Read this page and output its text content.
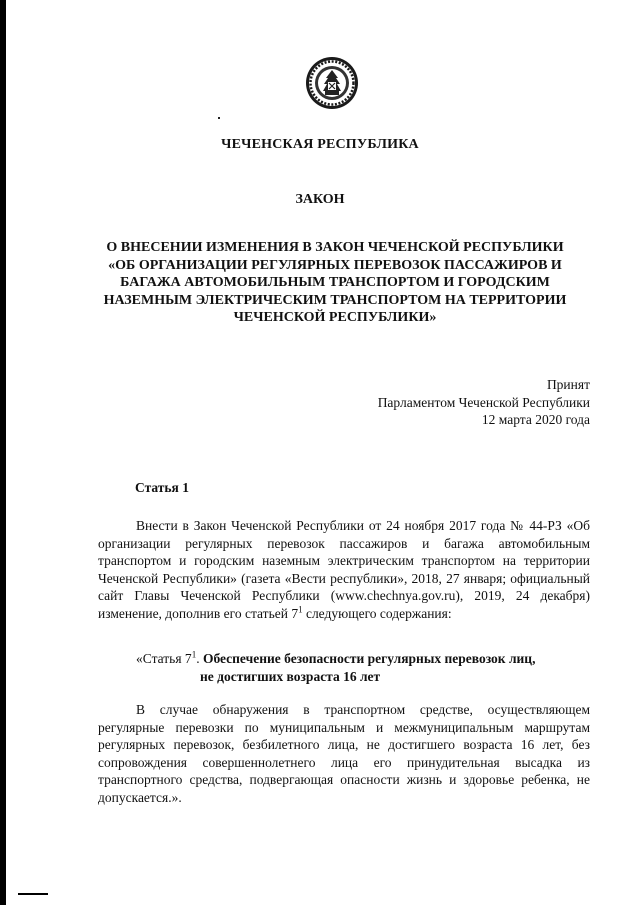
ЧЕЧЕНСКАЯ РЕСПУБЛИКА
ЗАКОН
О ВНЕСЕНИИ ИЗМЕНЕНИЯ В ЗАКОН ЧЕЧЕНСКОЙ РЕСПУБЛИКИ
«ОБ ОРГАНИЗАЦИИ РЕГУЛЯРНЫХ ПЕРЕВОЗОК ПАССАЖИРОВ И
БАГАЖА АВТОМОБИЛЬНЫМ ТРАНСПОРТОМ И ГОРОДСКИМ
НАЗЕМНЫМ ЭЛЕКТРИЧЕСКИМ ТРАНСПОРТОМ НА ТЕРРИТОРИИ
ЧЕЧЕНСКОЙ РЕСПУБЛИКИ»
Принят
Парламентом Чеченской Республики
12 марта 2020 года
Статья 1
Внести в Закон Чеченской Республики от 24 ноября 2017 года № 44-РЗ «Об организации регулярных перевозок пассажиров и багажа автомобильным транспортом и городским наземным электрическим транспортом на территории Чеченской Республики» (газета «Вести республики», 2018, 27 января; официальный сайт Главы Чеченской Республики (www.chechnya.gov.ru), 2019, 24 декабря) изменение, дополнив его статьей $7^1$ следующего содержания:
«Статья $7^1$. Обеспечение безопасности регулярных перевозок лиц,
не достигших возраста 16 лет
В случае обнаружения в транспортном средстве, осуществляющем регулярные перевозки по муниципальным и межмуниципальным маршрутам регулярных перевозок, безбилетного лица, не достигшего возраста 16 лет, без сопровождения совершеннолетнего лица его принудительная высадка из транспортного средства, подвергающая опасности жизнь и здоровье ребенка, не допускается.».
